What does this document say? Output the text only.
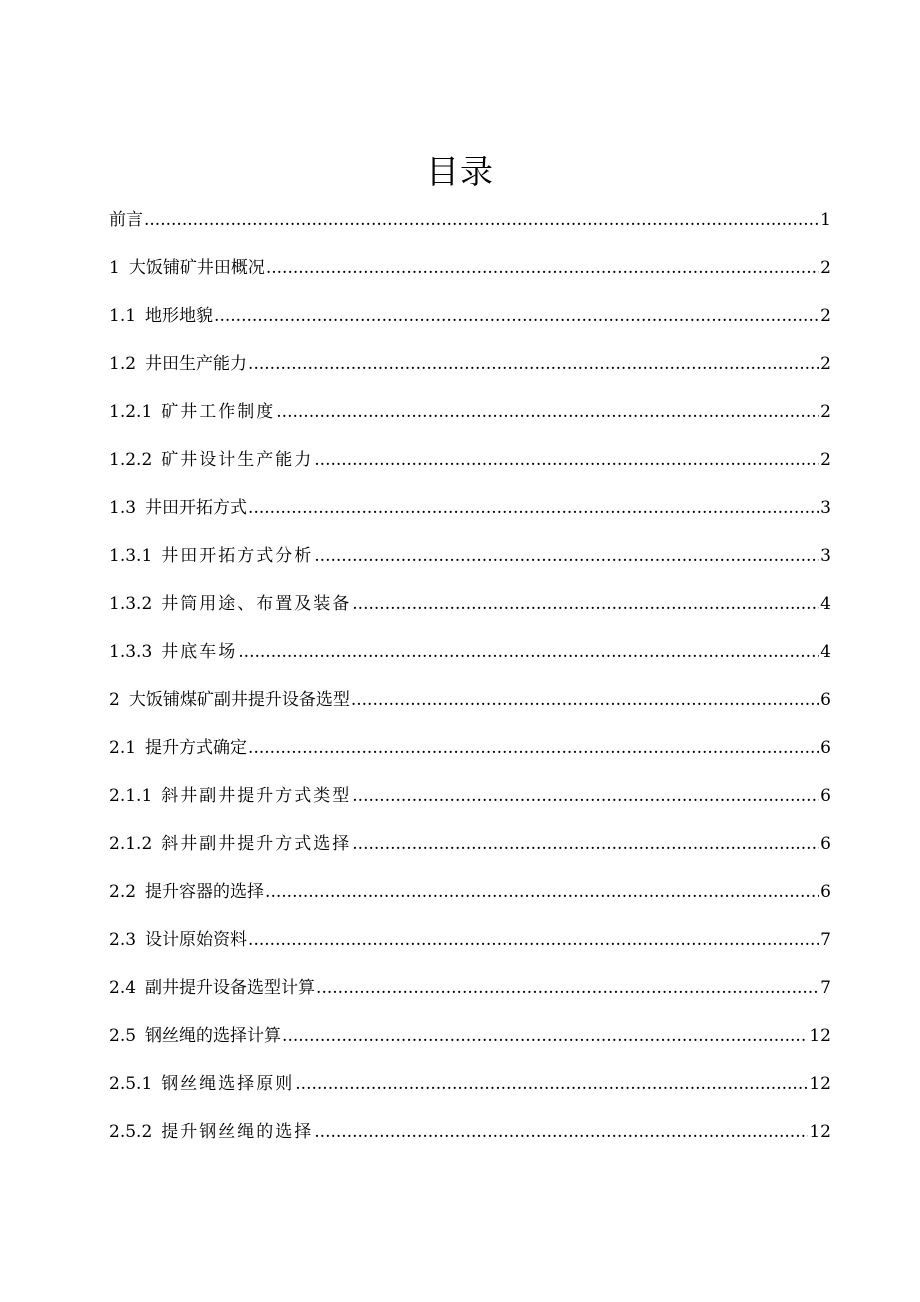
目录
前言 .....	1
1 大饭铺矿井田概况 .....	2
1.1 地形地貌 .....	2
1.2 井田生产能力 .....	2
1.2.1 矿井工作制度 .....	2
1.2.2 矿井设计生产能力 .....	2
1.3 井田开拓方式 .....	3
1.3.1 井田开拓方式分析 .....	3
1.3.2 井筒用途、布置及装备 .....	4
1.3.3 井底车场 .....	4
2 大饭铺煤矿副井提升设备选型 .....	6
2.1 提升方式确定 .....	6
2.1.1 斜井副井提升方式类型 .....	6
2.1.2 斜井副井提升方式选择 .....	6
2.2 提升容器的选择 .....	6
2.3 设计原始资料 .....	7
2.4 副井提升设备选型计算 .....	7
2.5 钢丝绳的选择计算 .....	12
2.5.1 钢丝绳选择原则 .....	12
2.5.2 提升钢丝绳的选择 .....	12
